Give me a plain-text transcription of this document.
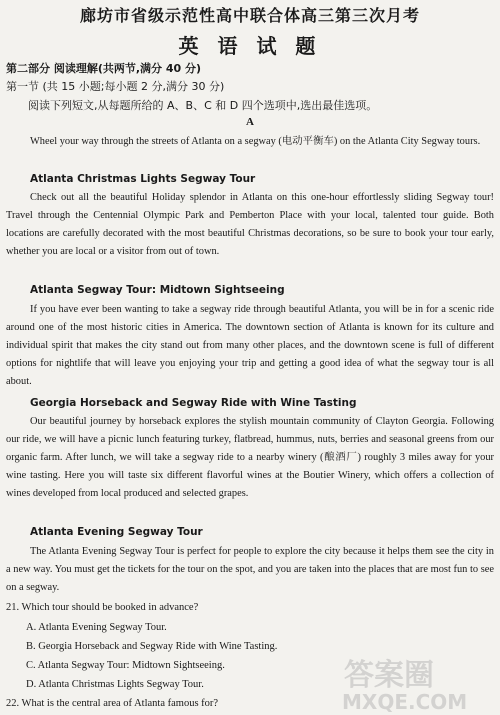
廊坊市省级示范性高中联合体高三第三次月考
英 语 试 题
第二部分 阅读理解(共两节,满分 40 分)
第一节 (共 15 小题;每小题 2 分,满分 30 分)
阅读下列短文,从每题所给的 A、B、C 和 D 四个选项中,选出最佳选项。
A
Wheel your way through the streets of Atlanta on a segway (电动平衡车) on the Atlanta City Segway tours.
Atlanta Christmas Lights Segway Tour
Check out all the beautiful Holiday splendor in Atlanta on this one-hour effortlessly sliding Segway tour! Travel through the Centennial Olympic Park and Pemberton Place with your local, talented tour guide. Both locations are carefully decorated with the most beautiful Christmas decorations, so be sure to book your tour early, whether you are local or a visitor from out of town.
Atlanta Segway Tour: Midtown Sightseeing
If you have ever been wanting to take a segway ride through beautiful Atlanta, you will be in for a scenic ride around one of the most historic cities in America. The downtown section of Atlanta is known for its culture and individual spirit that makes the city stand out from many other places, and the downtown scene is full of different options for nightlife that will leave you enjoying your trip and getting a good idea of what the segway tour is all about.
Georgia Horseback and Segway Ride with Wine Tasting
Our beautiful journey by horseback explores the stylish mountain community of Clayton Georgia. Following our ride, we will have a picnic lunch featuring turkey, flatbread, hummus, nuts, berries and seasonal greens from our organic farm. After lunch, we will take a segway ride to a nearby winery (酿酒厂) roughly 3 miles away for your wine tasting. Here you will taste six different flavorful wines at the Boutier Winery, which offers a collection of wines developed from local produced and selected grapes.
Atlanta Evening Segway Tour
The Atlanta Evening Segway Tour is perfect for people to explore the city because it helps them see the city in a new way. You must get the tickets for the tour on the spot, and you are taken into the places that are most fun to see on a segway.
21. Which tour should be booked in advance?
A. Atlanta Evening Segway Tour.
B. Georgia Horseback and Segway Ride with Wine Tasting.
C. Atlanta Segway Tour: Midtown Sightseeing.
D. Atlanta Christmas Lights Segway Tour.
22. What is the central area of Atlanta famous for?
答案圈
MXQE.COM
